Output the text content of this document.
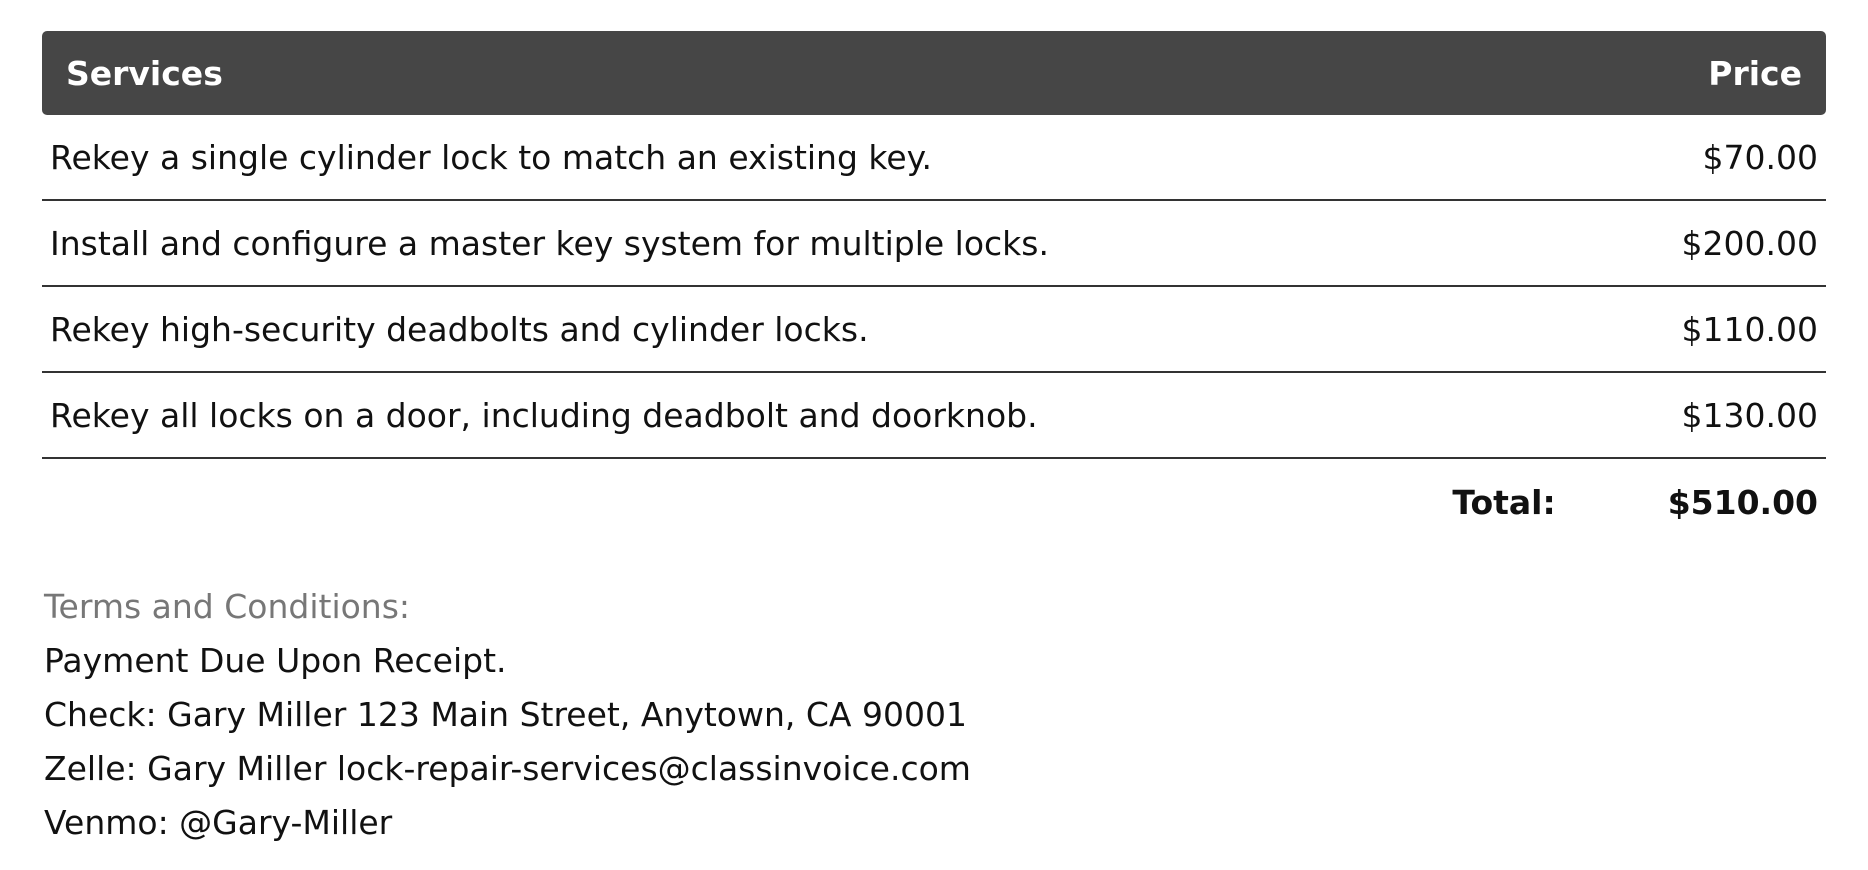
Services	Price
Rekey a single cylinder lock to match an existing key.	$70.00
Install and configure a master key system for multiple locks.	$200.00
Rekey high-security deadbolts and cylinder locks.	$110.00
Rekey all locks on a door, including deadbolt and doorknob.	$130.00
Total:	$510.00
Terms and Conditions:
Payment Due Upon Receipt.
Check: Gary Miller 123 Main Street, Anytown, CA 90001
Zelle: Gary Miller lock-repair-services@classinvoice.com
Venmo: @Gary-Miller
